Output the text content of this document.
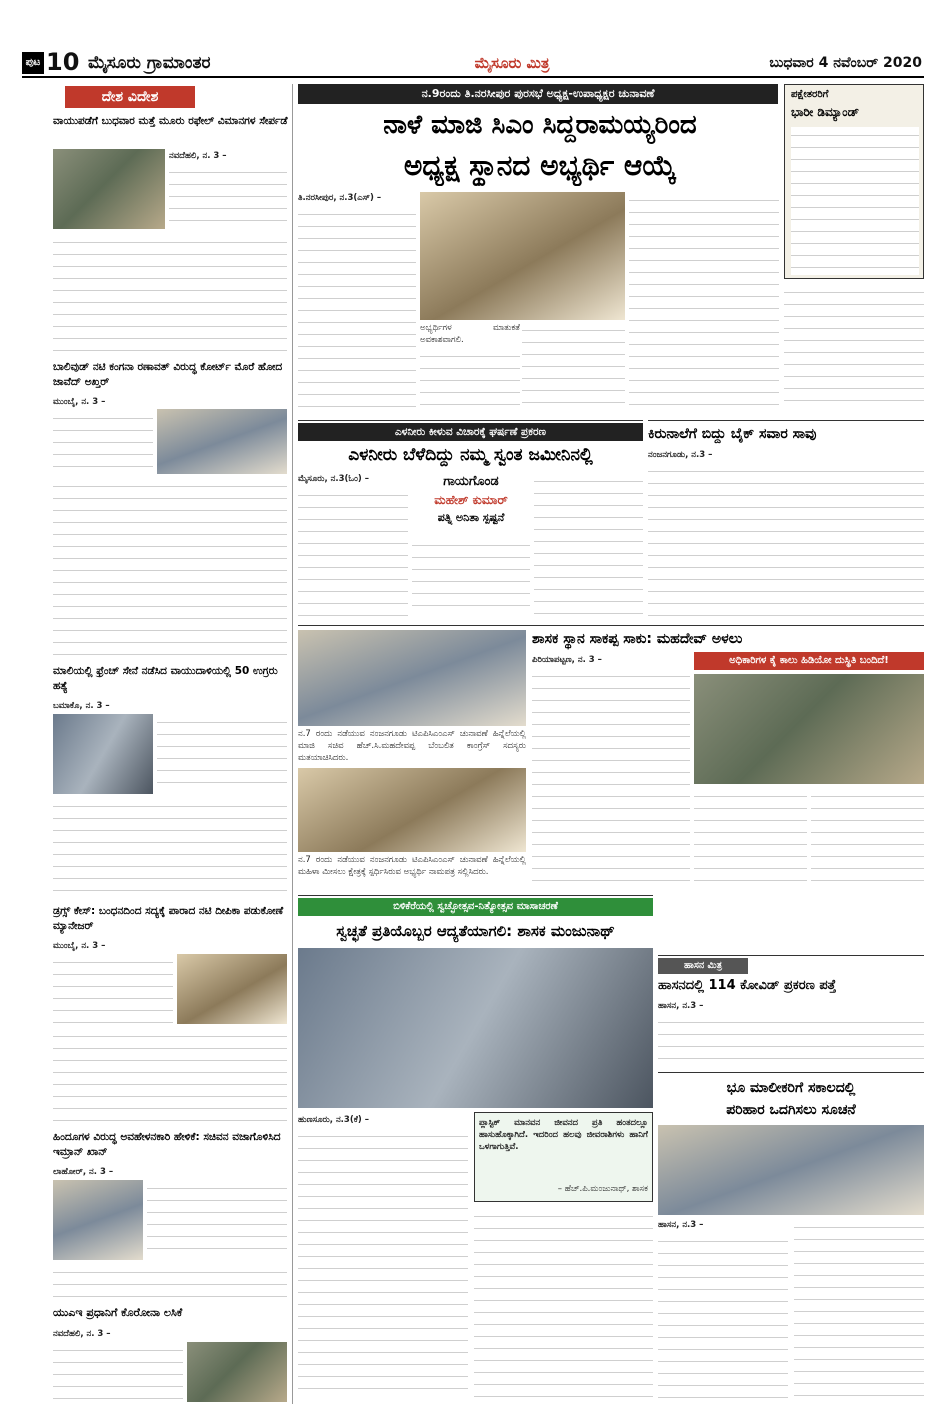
ಪುಟ 10 ಮೈಸೂರು ಗ್ರಾಮಾಂತರ	ಮೈಸೂರು ಮಿತ್ರ	ಬುಧವಾರ 4 ನವೆಂಬರ್ 2020
ದೇಶ ವಿದೇಶ
ವಾಯುಪಡೆಗೆ ಬುಧವಾರ ಮತ್ತೆ ಮೂರು ರಫೇಲ್ ವಿಮಾನಗಳ ಸೇರ್ಪಡೆ
ನವದೆಹಲಿ, ನ. 3 –
ಬಾಲಿವುಡ್ ನಟಿ ಕಂಗನಾ ರಣಾವತ್ ವಿರುದ್ಧ ಕೋರ್ಟ್ ಮೊರೆ ಹೋದ ಜಾವೆದ್ ಅಖ್ತರ್
ಮುಂಬೈ, ನ. 3 –
ಮಾಲಿಯಲ್ಲಿ ಫ್ರೆಂಚ್ ಸೇನೆ ನಡೆಸಿದ ವಾಯುದಾಳಿಯಲ್ಲಿ 50 ಉಗ್ರರು ಹತ್ಯೆ
ಬಮಾಕೊ, ನ. 3 –
ಡ್ರಗ್ಸ್ ಕೇಸ್: ಬಂಧನದಿಂದ ಸದ್ಯಕ್ಕೆ ಪಾರಾದ ನಟಿ ದೀಪಿಕಾ ಪಡುಕೋಣೆ ಮ್ಯಾನೇಜರ್
ಮುಂಬೈ, ನ. 3 –
ಹಿಂದೂಗಳ ವಿರುದ್ಧ ಅವಹೇಳನಕಾರಿ ಹೇಳಿಕೆ: ಸಚಿವನ ವಜಾಗೊಳಿಸಿದ ಇಮ್ರಾನ್ ಖಾನ್
ಲಾಹೋರ್, ನ. 3 –
ಯುಎಇ ಪ್ರಧಾನಿಗೆ ಕೊರೋನಾ ಲಸಿಕೆ
ನವದೆಹಲಿ, ನ. 3 –
ನ.9ರಂದು ತಿ.ನರಸೀಪುರ ಪುರಸಭೆ ಅಧ್ಯಕ್ಷ-ಉಪಾಧ್ಯಕ್ಷರ ಚುನಾವಣೆ
ನಾಳೆ ಮಾಜಿ ಸಿಎಂ ಸಿದ್ದರಾಮಯ್ಯರಿಂದ
ಅಧ್ಯಕ್ಷ ಸ್ಥಾನದ ಅಭ್ಯರ್ಥಿ ಆಯ್ಕೆ
ತಿ.ನರಸೀಪುರ, ನ.3(ಎಸ್‌) –
ಅಭ್ಯರ್ಥಿಗಳ ಮಾತುಕತೆ ಅವಕಾಶವಾಗಲಿ.
ಪಕ್ಷೇತರರಿಗೆ
ಭಾರೀ ಡಿಮ್ಯಾಂಡ್
ಎಳನೀರು ಕೀಳುವ ವಿಚಾರಕ್ಕೆ ಘರ್ಷಣೆ ಪ್ರಕರಣ
ಎಳನೀರು ಬೆಳೆದಿದ್ದು ನಮ್ಮ ಸ್ವಂತ ಜಮೀನಿನಲ್ಲಿ
ಮೈಸೂರು, ನ.3(ಓಂ) –	ಗಾಯಗೊಂಡ
ಮಹೇಶ್ ಕುಮಾರ್
ಪತ್ನಿ ಅನಿತಾ ಸ್ಪಷ್ಟನೆ
ಕಿರುನಾಲೆಗೆ ಬಿದ್ದು ಬೈಕ್ ಸವಾರ ಸಾವು
ನಂಜನಗೂಡು, ನ.3 –
ನ.7 ರಂದು ನಡೆಯುವ ನಂಜನಗೂಡು ಟಿಎಪಿಸಿಎಂಎಸ್ ಚುನಾವಣೆ ಹಿನ್ನೆಲೆಯಲ್ಲಿ ಮಾಜಿ ಸಚಿವ ಹೆಚ್.ಸಿ.ಮಹದೇವಪ್ಪ ಬೆಂಬಲಿತ ಕಾಂಗ್ರೆಸ್ ಸದಸ್ಯರು ಮತಯಾಚಿಸಿದರು.
ನ.7 ರಂದು ನಡೆಯುವ ನಂಜನಗೂಡು ಟಿಎಪಿಸಿಎಂಎಸ್ ಚುನಾವಣೆ ಹಿನ್ನೆಲೆಯಲ್ಲಿ ಮಹಿಳಾ ಮೀಸಲು ಕ್ಷೇತ್ರಕ್ಕೆ ಸ್ಪರ್ಧಿಸಿರುವ ಅಭ್ಯರ್ಥಿ ನಾಮಪತ್ರ ಸಲ್ಲಿಸಿದರು.
ಶಾಸಕ ಸ್ಥಾನ ಸಾಕಪ್ಪ ಸಾಕು: ಮಹದೇವ್ ಅಳಲು
ಅಧಿಕಾರಿಗಳ ಕೈ ಕಾಲು ಹಿಡಿಯೋ ದುಸ್ಥಿತಿ ಬಂದಿದೆ!
ಪಿರಿಯಾಪಟ್ಟಣ, ನ. 3 –
ಬಿಳಿಕೆರೆಯಲ್ಲಿ ಸ್ವಚ್ಛೋತ್ಸವ-ನಿತ್ಯೋತ್ಸವ ಮಾಸಾಚರಣೆ
ಸ್ವಚ್ಛತೆ ಪ್ರತಿಯೊಬ್ಬರ ಆದ್ಯತೆಯಾಗಲಿ: ಶಾಸಕ ಮಂಜುನಾಥ್
ಹುಣಸೂರು, ನ.3(ಕೆ) –	ಪ್ಲಾಸ್ಟಿಕ್ ಮಾನವನ ಜೀವನದ ಪ್ರತಿ ಹಂತದಲ್ಲೂ ಹಾಸುಹೊಕ್ಕಾಗಿದೆ. ಇದರಿಂದ ಹಲವು ಜೀವರಾಶಿಗಳು ಹಾನಿಗೆ ಒಳಗಾಗುತ್ತಿವೆ.
– ಹೆಚ್.ಪಿ.ಮಂಜುನಾಥ್, ಶಾಸಕ
ಹಾಸನ ಮಿತ್ರ
ಹಾಸನದಲ್ಲಿ 114 ಕೋವಿಡ್ ಪ್ರಕರಣ ಪತ್ತೆ
ಹಾಸನ, ನ.3 –
ಭೂ ಮಾಲೀಕರಿಗೆ ಸಕಾಲದಲ್ಲಿ
ಪರಿಹಾರ ಒದಗಿಸಲು ಸೂಚನೆ
ಹಾಸನ, ನ.3 –
